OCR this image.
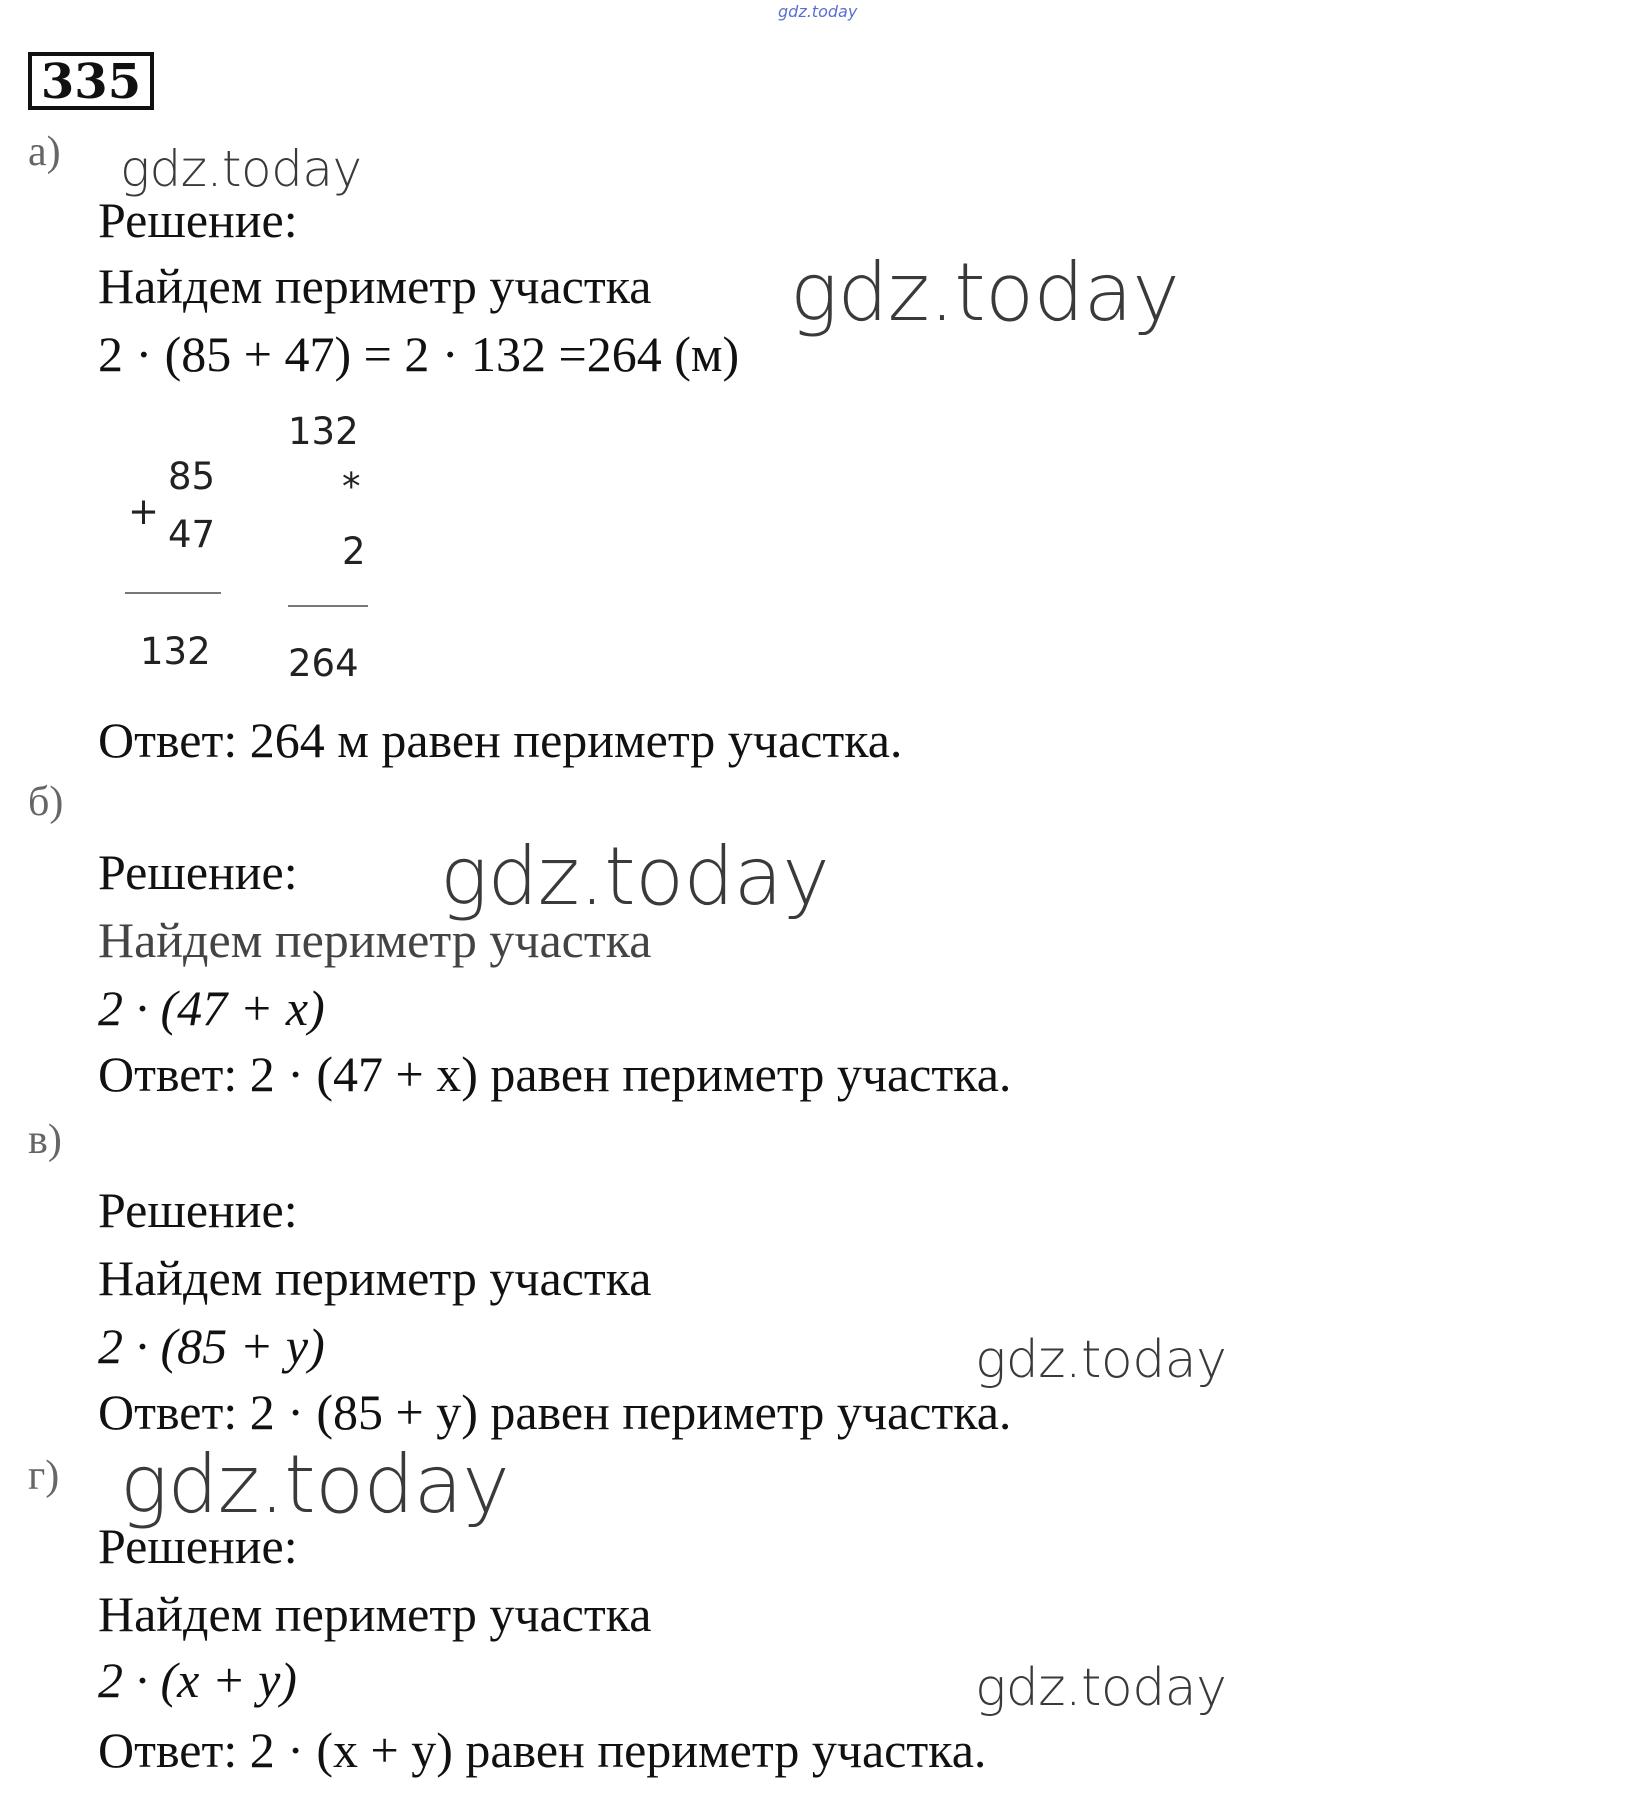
gdz.today
335
а) gdz.today
Решение:
Найдем периметр участка gdz.today
2 · (85 + 47) = 2 · 132 =264 (м)
+
85
47
132
132
*
2
264
Ответ: 264 м равен периметр участка.
б)
Решение: gdz.today
Найдем периметр участка
2 · (47 + x)
Ответ: 2 · (47 + x) равен периметр участка.
в)
Решение:
Найдем периметр участка
2 · (85 + y)	gdz.today
Ответ: 2 · (85 + y) равен периметр участка.
г) gdz.today
Решение:
Найдем периметр участка
2 · (x + y)	gdz.today
Ответ: 2 · (x + y) равен периметр участка.
